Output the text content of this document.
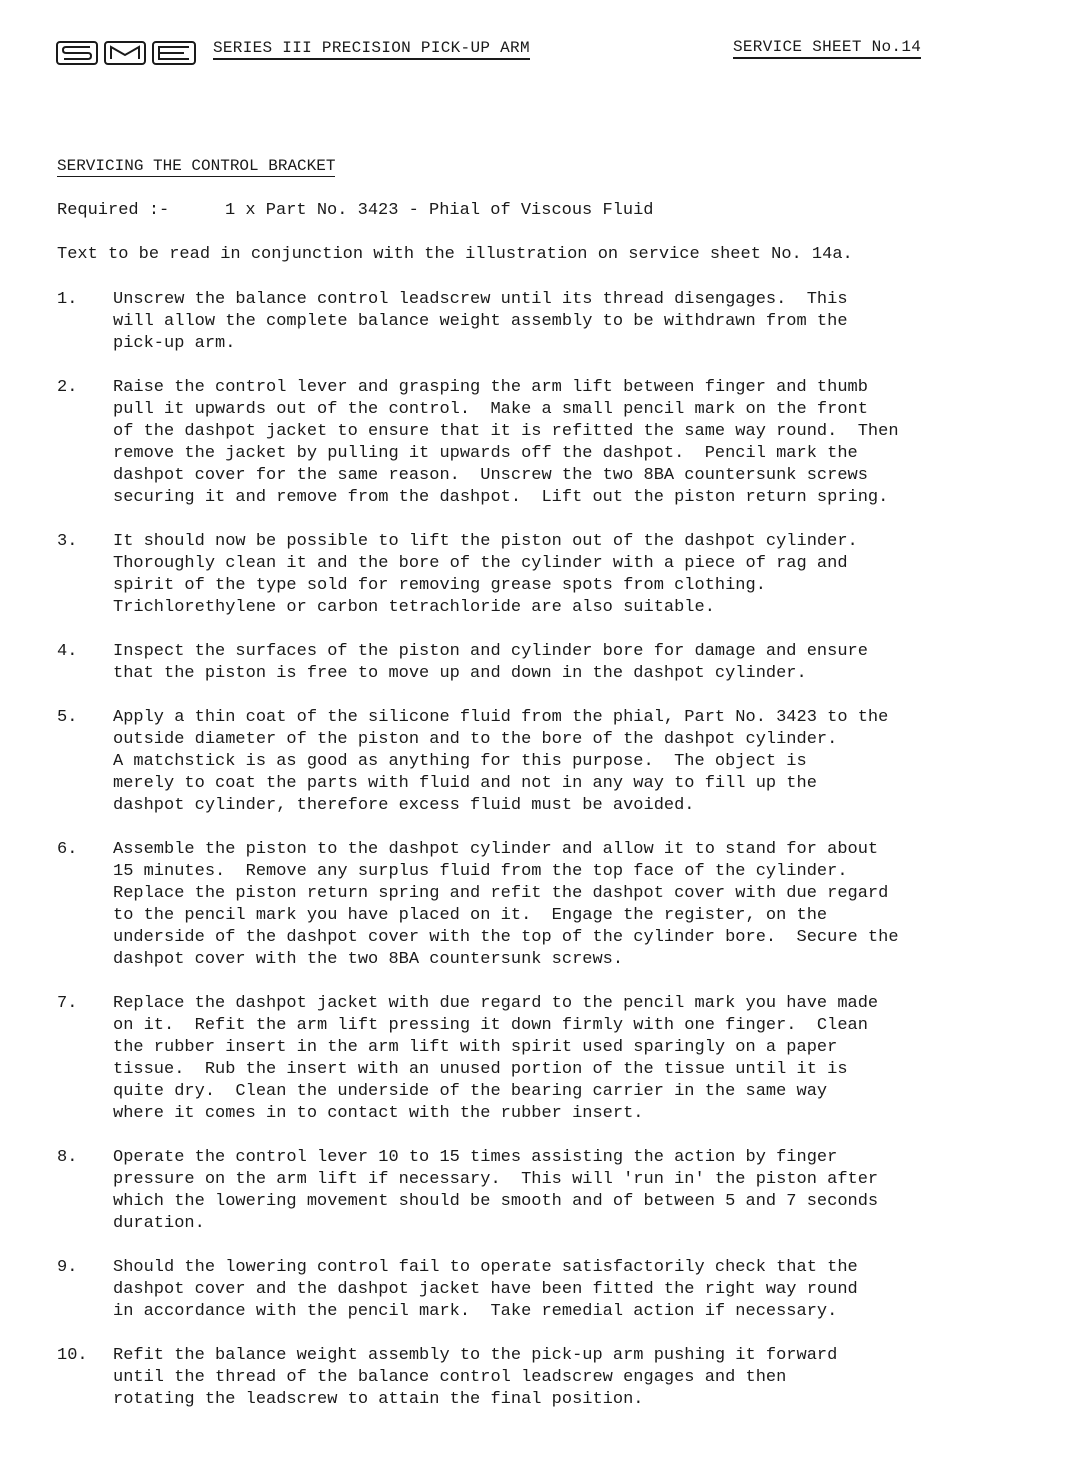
SERIES III PRECISION PICK-UP ARM	SERVICE SHEET No.14
SERVICING THE CONTROL BRACKET
Required :-	1 x Part No. 3423 - Phial of Viscous Fluid
Text to be read in conjunction with the illustration on service sheet No. 14a.
1. Unscrew the balance control leadscrew until its thread disengages.  This
will allow the complete balance weight assembly to be withdrawn from the
pick-up arm.
2. Raise the control lever and grasping the arm lift between finger and thumb
pull it upwards out of the control.  Make a small pencil mark on the front
of the dashpot jacket to ensure that it is refitted the same way round.  Then
remove the jacket by pulling it upwards off the dashpot.  Pencil mark the
dashpot cover for the same reason.  Unscrew the two 8BA countersunk screws
securing it and remove from the dashpot.  Lift out the piston return spring.
3. It should now be possible to lift the piston out of the dashpot cylinder.
Thoroughly clean it and the bore of the cylinder with a piece of rag and
spirit of the type sold for removing grease spots from clothing.
Trichlorethylene or carbon tetrachloride are also suitable.
4. Inspect the surfaces of the piston and cylinder bore for damage and ensure
that the piston is free to move up and down in the dashpot cylinder.
5. Apply a thin coat of the silicone fluid from the phial, Part No. 3423 to the
outside diameter of the piston and to the bore of the dashpot cylinder.
A matchstick is as good as anything for this purpose.  The object is
merely to coat the parts with fluid and not in any way to fill up the
dashpot cylinder, therefore excess fluid must be avoided.
6. Assemble the piston to the dashpot cylinder and allow it to stand for about
15 minutes.  Remove any surplus fluid from the top face of the cylinder.
Replace the piston return spring and refit the dashpot cover with due regard
to the pencil mark you have placed on it.  Engage the register, on the
underside of the dashpot cover with the top of the cylinder bore.  Secure the
dashpot cover with the two 8BA countersunk screws.
7. Replace the dashpot jacket with due regard to the pencil mark you have made
on it.  Refit the arm lift pressing it down firmly with one finger.  Clean
the rubber insert in the arm lift with spirit used sparingly on a paper
tissue.  Rub the insert with an unused portion of the tissue until it is
quite dry.  Clean the underside of the bearing carrier in the same way
where it comes in to contact with the rubber insert.
8. Operate the control lever 10 to 15 times assisting the action by finger
pressure on the arm lift if necessary.  This will 'run in' the piston after
which the lowering movement should be smooth and of between 5 and 7 seconds
duration.
9. Should the lowering control fail to operate satisfactorily check that the
dashpot cover and the dashpot jacket have been fitted the right way round
in accordance with the pencil mark.  Take remedial action if necessary.
10. Refit the balance weight assembly to the pick-up arm pushing it forward
until the thread of the balance control leadscrew engages and then
rotating the leadscrew to attain the final position.
